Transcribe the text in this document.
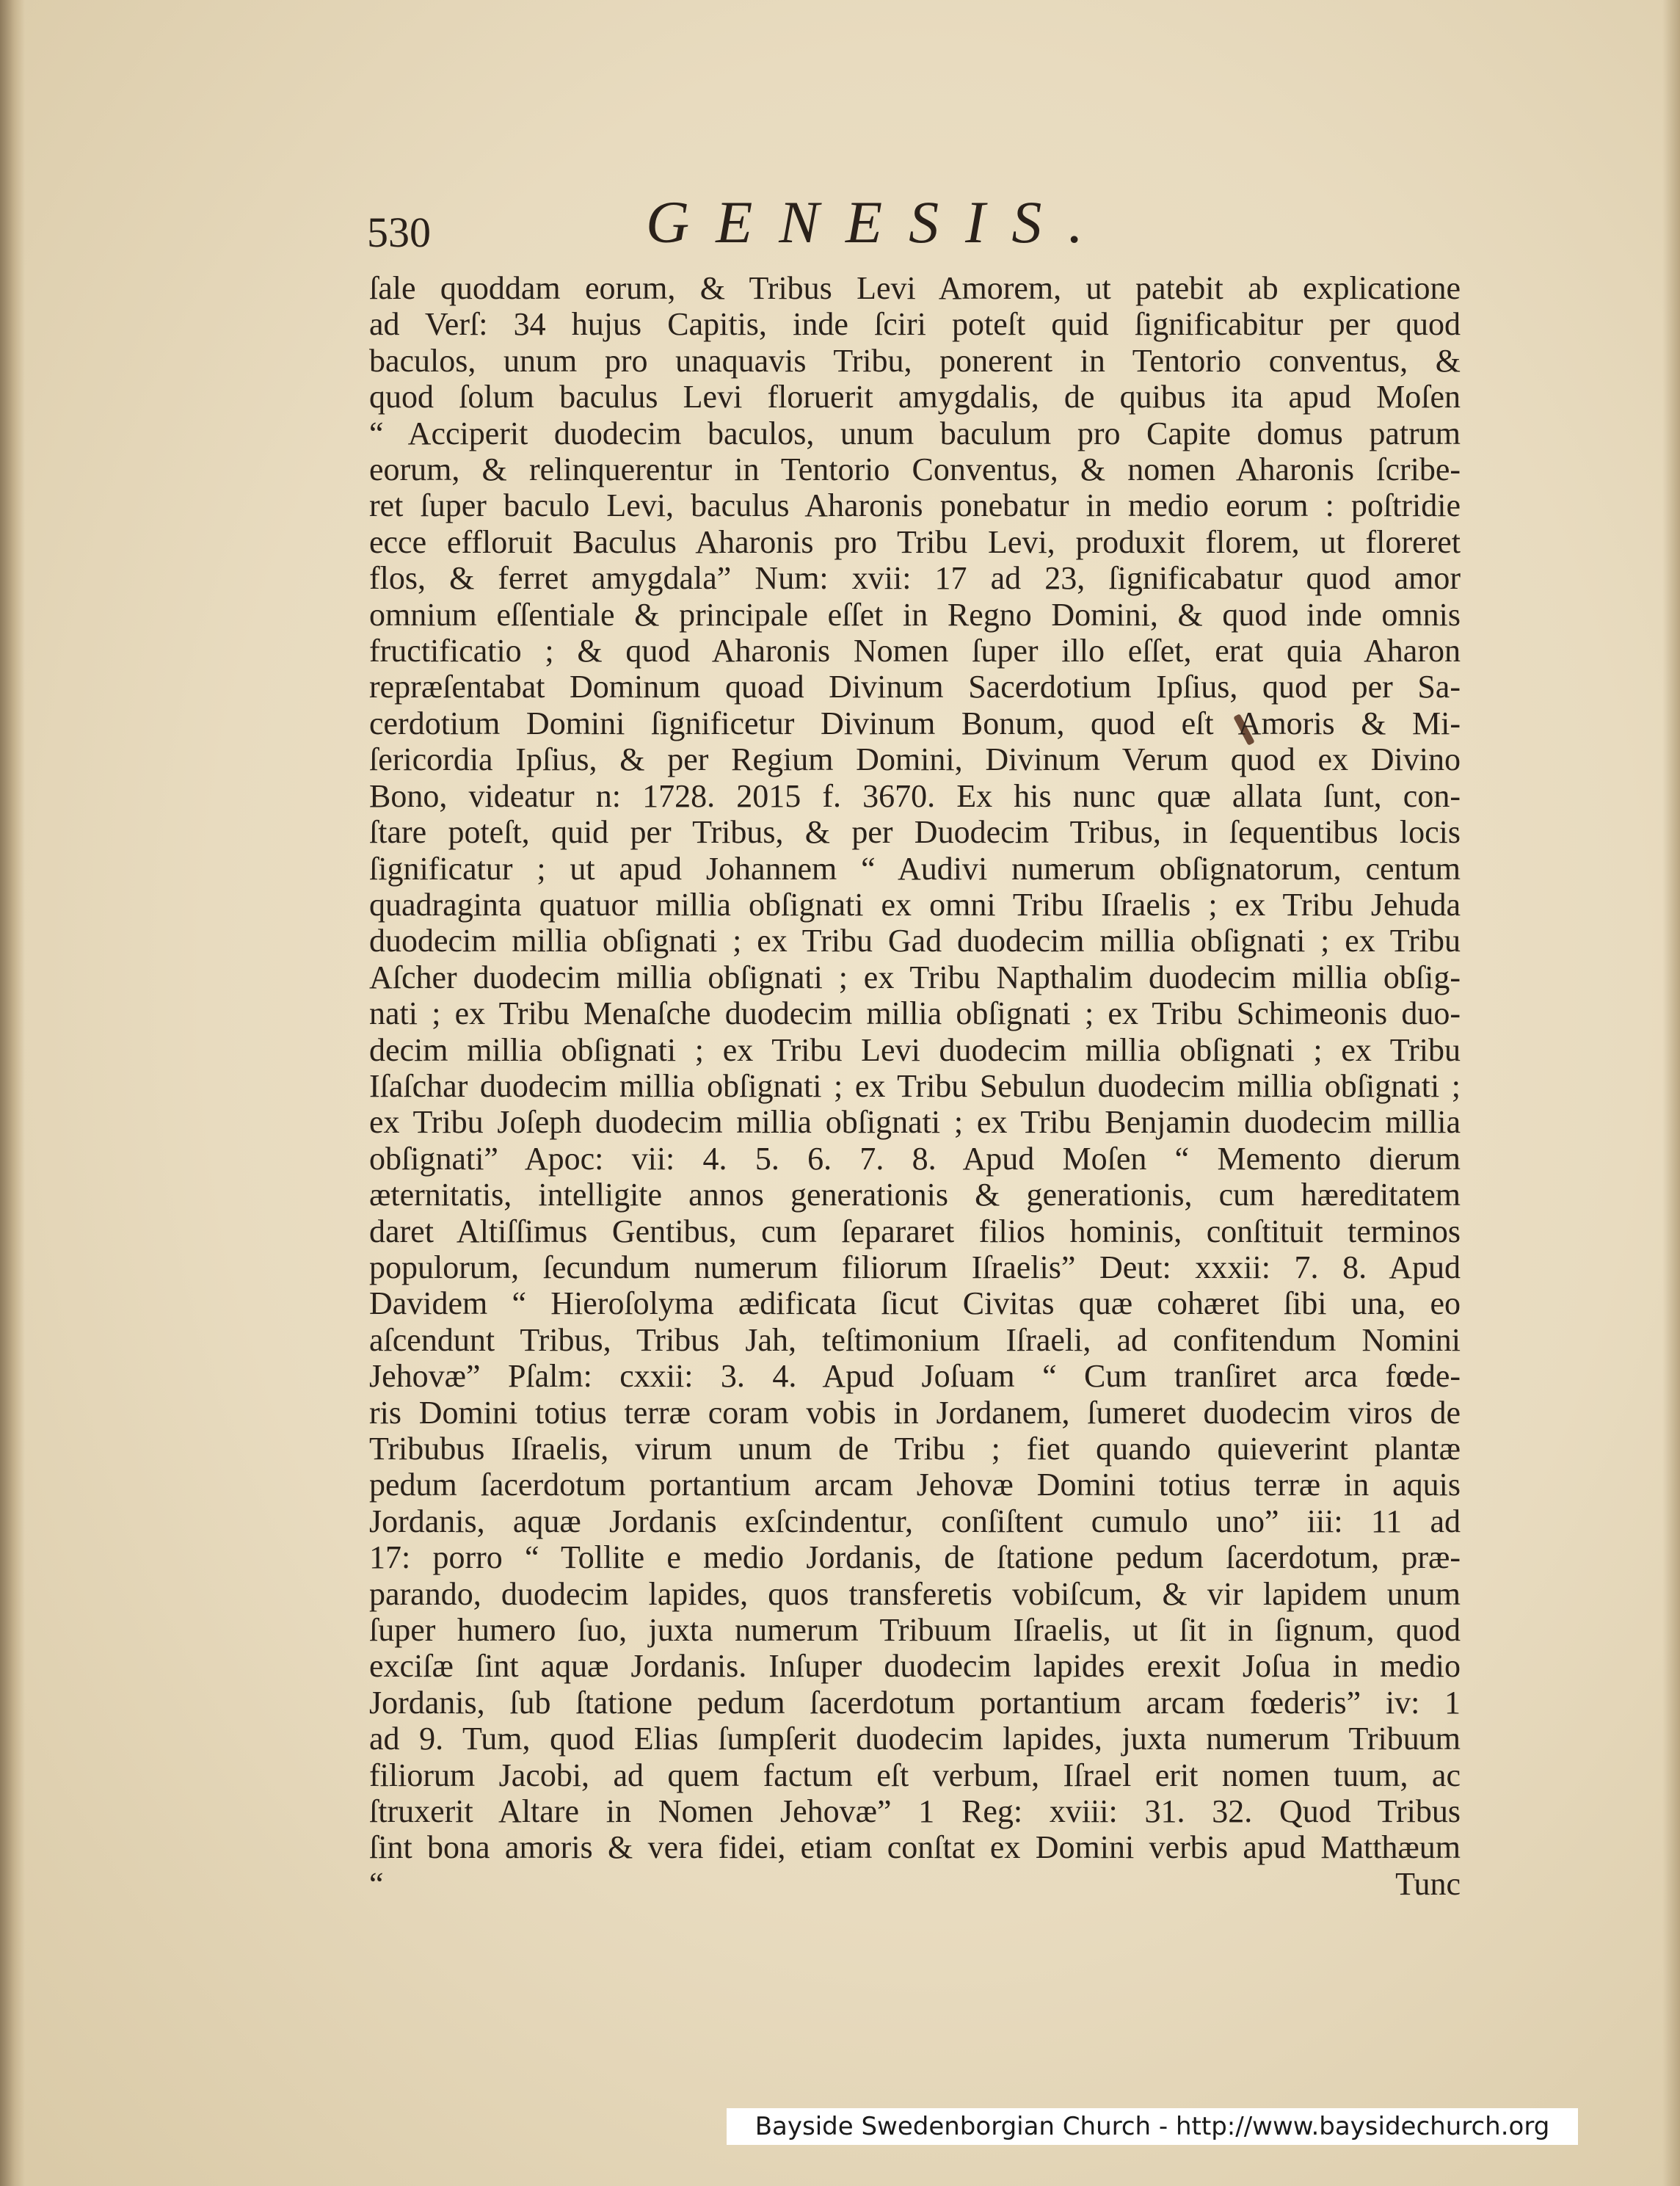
530	GENESIS.
ſale quoddam eorum, & Tribus Levi Amorem, ut patebit ab explicatione
ad Verſ: 34 hujus Capitis, inde ſciri poteſt quid ſignificabitur per quod
baculos, unum pro unaquavis Tribu, ponerent in Tentorio conventus, &
quod ſolum baculus Levi floruerit amygdalis, de quibus ita apud Moſen
“ Acciperit duodecim baculos, unum baculum pro Capite domus patrum
eorum, & relinquerentur in Tentorio Conventus, & nomen Aharonis ſcribe-
ret ſuper baculo Levi, baculus Aharonis ponebatur in medio eorum : poſtridie
ecce effloruit Baculus Aharonis pro Tribu Levi, produxit florem, ut floreret
flos, & ferret amygdala” Num: xvii: 17 ad 23, ſignificabatur quod amor
omnium eſſentiale & principale eſſet in Regno Domini, & quod inde omnis
fructificatio ; & quod Aharonis Nomen ſuper illo eſſet, erat quia Aharon
repræſentabat Dominum quoad Divinum Sacerdotium Ipſius, quod per Sa-
cerdotium Domini ſignificetur Divinum Bonum, quod eſt Amoris & Mi-
ſericordia Ipſius, & per Regium Domini, Divinum Verum quod ex Divino
Bono, videatur n: 1728. 2015 f. 3670. Ex his nunc quæ allata ſunt, con-
ſtare poteſt, quid per Tribus, & per Duodecim Tribus, in ſequentibus locis
ſignificatur ; ut apud Johannem “ Audivi numerum obſignatorum, centum
quadraginta quatuor millia obſignati ex omni Tribu Iſraelis ; ex Tribu Jehuda
duodecim millia obſignati ; ex Tribu Gad duodecim millia obſignati ; ex Tribu
Aſcher duodecim millia obſignati ; ex Tribu Napthalim duodecim millia obſig-
nati ; ex Tribu Menaſche duodecim millia obſignati ; ex Tribu Schimeonis duo-
decim millia obſignati ; ex Tribu Levi duodecim millia obſignati ; ex Tribu
Iſaſchar duodecim millia obſignati ; ex Tribu Sebulun duodecim millia obſignati ;
ex Tribu Joſeph duodecim millia obſignati ; ex Tribu Benjamin duodecim millia
obſignati” Apoc: vii: 4. 5. 6. 7. 8. Apud Moſen “ Memento dierum
æternitatis, intelligite annos generationis & generationis, cum hæreditatem
daret Altiſſimus Gentibus, cum ſepararet filios hominis, conſtituit terminos
populorum, ſecundum numerum filiorum Iſraelis” Deut: xxxii: 7. 8. Apud
Davidem “ Hieroſolyma ædificata ſicut Civitas quæ cohæret ſibi una, eo
aſcendunt Tribus, Tribus Jah, teſtimonium Iſraeli, ad confitendum Nomini
Jehovæ” Pſalm: cxxii: 3. 4. Apud Joſuam “ Cum tranſiret arca fœde-
ris Domini totius terræ coram vobis in Jordanem, ſumeret duodecim viros de
Tribubus Iſraelis, virum unum de Tribu ; fiet quando quieverint plantæ
pedum ſacerdotum portantium arcam Jehovæ Domini totius terræ in aquis
Jordanis, aquæ Jordanis exſcindentur, conſiſtent cumulo uno” iii: 11 ad
17: porro “ Tollite e medio Jordanis, de ſtatione pedum ſacerdotum, præ-
parando, duodecim lapides, quos transferetis vobiſcum, & vir lapidem unum
ſuper humero ſuo, juxta numerum Tribuum Iſraelis, ut ſit in ſignum, quod
exciſæ ſint aquæ Jordanis. Inſuper duodecim lapides erexit Joſua in medio
Jordanis, ſub ſtatione pedum ſacerdotum portantium arcam fœderis” iv: 1
ad 9. Tum, quod Elias ſumpſerit duodecim lapides, juxta numerum Tribuum
filiorum Jacobi, ad quem factum eſt verbum, Iſrael erit nomen tuum, ac
ſtruxerit Altare in Nomen Jehovæ” 1 Reg: xviii: 31. 32. Quod Tribus
ſint bona amoris & vera fidei, etiam conſtat ex Domini verbis apud Matthæum
“ Tunc
Bayside Swedenborgian Church - http://www.baysidechurch.org
